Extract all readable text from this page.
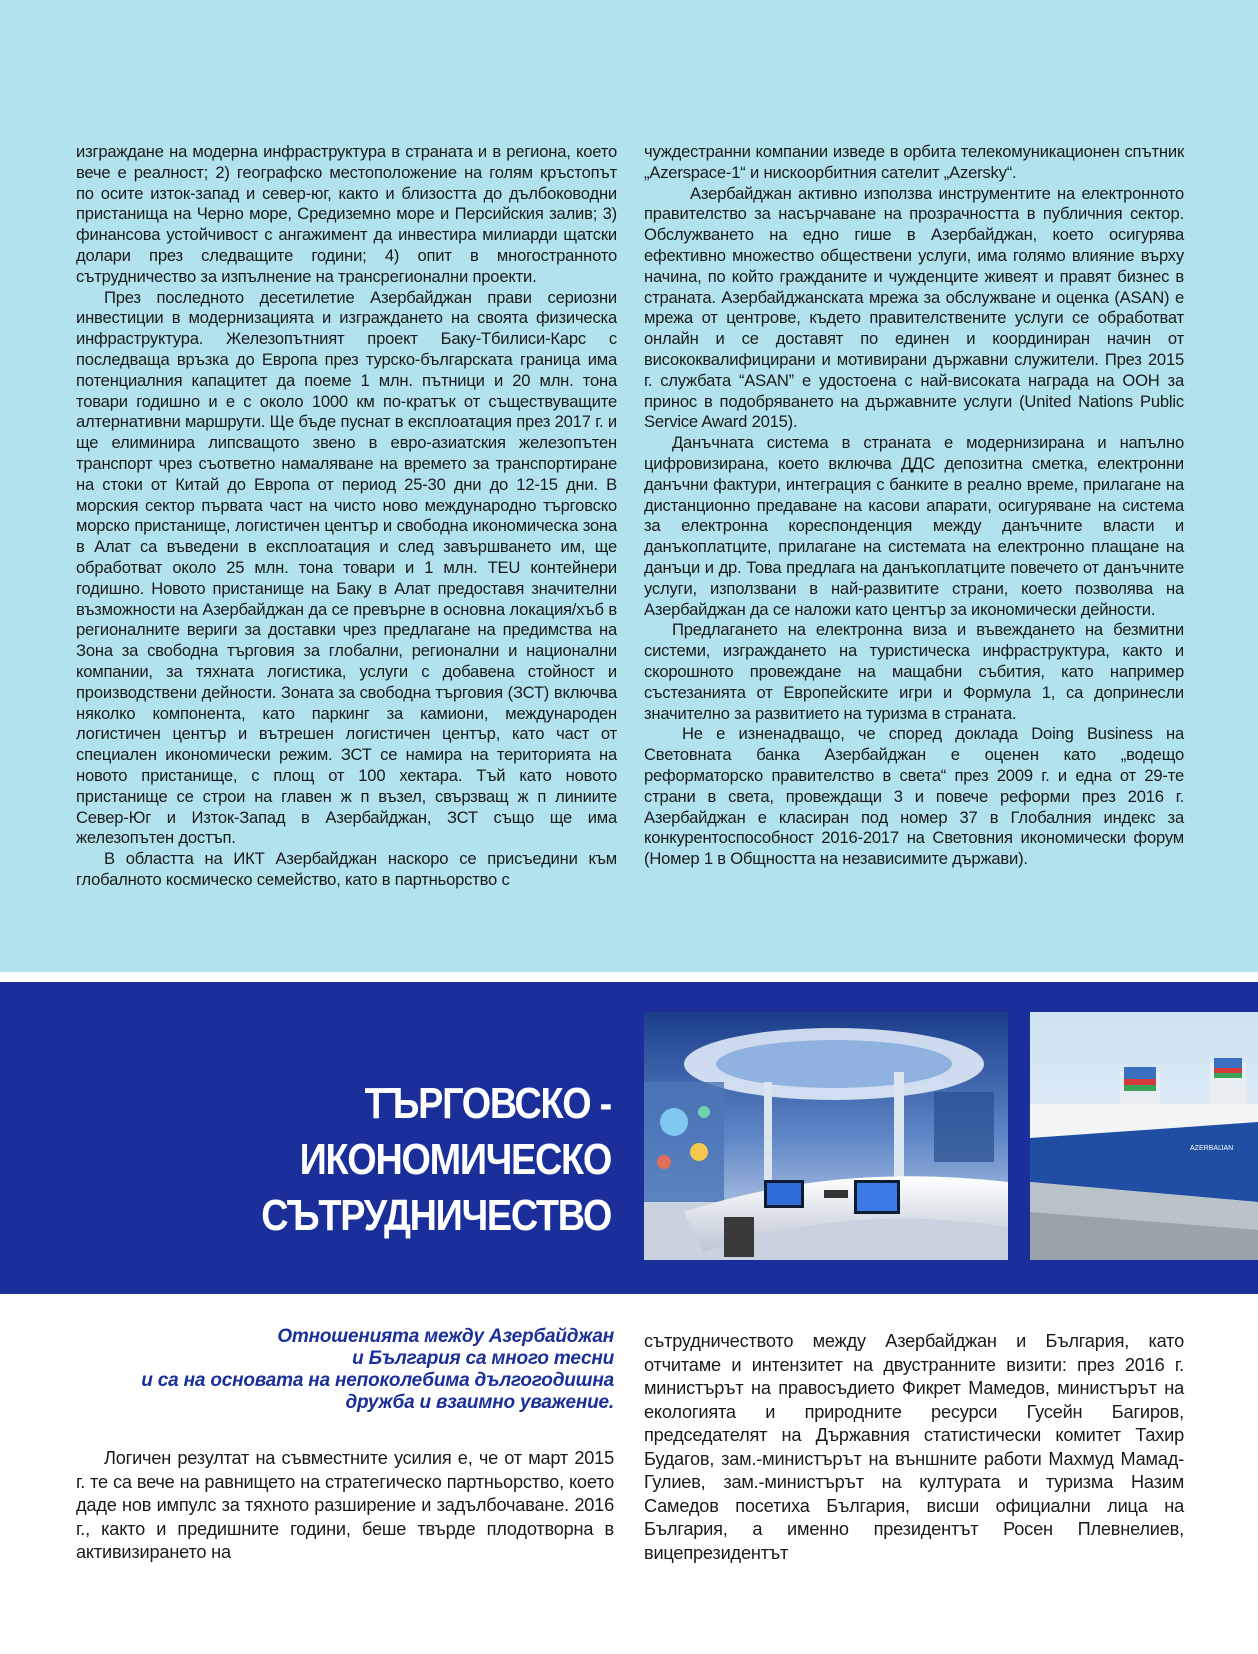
изграждане на модерна инфраструктура в страната и в региона, което вече е реалност; 2) географско местоположение на голям кръстопът по осите изток-запад и север-юг, както и близостта до дълбоководни пристанища на Черно море, Средиземно море и Персийския залив; 3) финансова устойчивост с ангажимент да инвестира милиарди щатски долари през следващите години; 4) опит в многостранното сътрудничество за изпълнение на трансрегионални проекти.

През последното десетилетие Азербайджан прави сериозни инвестиции в модернизацията и изграждането на своята физическа инфраструктура. Железопътният проект Баку-Тбилиси-Карс с последваща връзка до Европа през турско-българската граница има потенциалния капацитет да поеме 1 млн. пътници и 20 млн. тона товари годишно и е с около 1000 км по-кратък от съществуващите алтернативни маршрути. Ще бъде пуснат в експлоатация през 2017 г. и ще елиминира липсващото звено в евро-азиатския железопътен транспорт чрез съответно намаляване на времето за транспортиране на стоки от Китай до Европа от период 25-30 дни до 12-15 дни. В морския сектор първата част на чисто ново международно търговско морско пристанище, логистичен център и свободна икономическа зона в Алат са въведени в експлоатация и след завършването им, ще обработват около 25 млн. тона товари и 1 млн. TEU контейнери годишно. Новото пристанище на Баку в Алат предоставя значителни възможности на Азербайджан да се превърне в основна локация/хъб в регионалните вериги за доставки чрез предлагане на предимства на Зона за свободна търговия за глобални, регионални и национални компании, за тяхната логистика, услуги с добавена стойност и производствени дейности. Зоната за свободна търговия (ЗСТ) включва няколко компонента, като паркинг за камиони, международен логистичен център и вътрешен логистичен център, като част от специален икономически режим. ЗСТ се намира на територията на новото пристанище, с площ от 100 хектара. Тъй като новото пристанище се строи на главен ж п възел, свързващ ж п линиите Север-Юг и Изток-Запад в Азербайджан, ЗСТ също ще има железопътен достъп.

В областта на ИКТ Азербайджан наскоро се присъедини към глобалното космическо семейство, като в партньорство с

чуждестранни компании изведе в орбита телекомуникационен спътник „Azerspace-1“ и нискоорбитния сателит „Azersky“.

Азербайджан активно използва инструментите на електронното правителство за насърчаване на прозрачността в публичния сектор. Обслужването на едно гише в Азербайджан, което осигурява ефективно множество обществени услуги, има голямо влияние върху начина, по който гражданите и чужденците живеят и правят бизнес в страната. Азербайджанската мрежа за обслужване и оценка (ASAN) е мрежа от центрове, където правителствените услуги се обработват онлайн и се доставят по единен и координиран начин от висококвалифицирани и мотивирани държавни служители. През 2015 г. службата “ASAN” е удостоена с най-високата награда на ООН за принос в подобряването на държавните услуги (United Nations Public Service Award 2015).

Данъчната система в страната е модернизирана и напълно цифровизирана, което включва ДДС депозитна сметка, електронни данъчни фактури, интеграция с банките в реално време, прилагане на дистанционно предаване на касови апарати, осигуряване на система за електронна кореспонденция между данъчните власти и данъкоплатците, прилагане на системата на електронно плащане на данъци и др. Това предлага на данъкоплатците повечето от данъчните услуги, използвани в най-развитите страни, което позволява на Азербайджан да се наложи като център за икономически дейности.

Предлагането на електронна виза и въвеждането на безмитни системи, изграждането на туристическа инфраструктура, както и скорошното провеждане на мащабни събития, като например състезанията от Европейските игри и Формула 1, са допринесли значително за развитието на туризма в страната.

Не е изненадващо, че според доклада Doing Business на Световната банка Азербайджан е оценен като „водещо реформаторско правителство в света“ през 2009 г. и една от 29-те страни в света, провеждащи 3 и повече реформи през 2016 г. Азербайджан е класиран под номер 37 в Глобалния индекс за конкурентоспособност 2016-2017 на Световния икономически форум (Номер 1 в Общността на независимите държави).

ТЪРГОВСКО - ИКОНОМИЧЕСКО
СЪТРУДНИЧЕСТВО
AZERBAIJAN
Отношенията между Азербайджан
и България са много тесни
и са на основата на непоколебима дългогодишна
дружба и взаимно уважение.

Логичен резултат на съвместните усилия е, че от март 2015 г. те са вече на равнището на стратегическо партньорство, което даде нов импулс за тяхното разширение и задълбочаване. 2016 г., както и предишните години, беше твърде плодотворна в активизирането на

сътрудничеството между Азербайджан и България, като отчитаме и интензитет на двустранните визити: през 2016 г. министърът на правосъдието Фикрет Мамедов, министърът на екологията и природните ресурси Гусейн Багиров, председателят на Държавния статистически комитет Тахир Будагов, зам.-министърът на външните работи Махмуд Мамад-Гулиев, зам.-министърът на културата и туризма Назим Самедов посетиха България, висши официални лица на България, а именно президентът Росен Плевнелиев, вицепрезидентът
